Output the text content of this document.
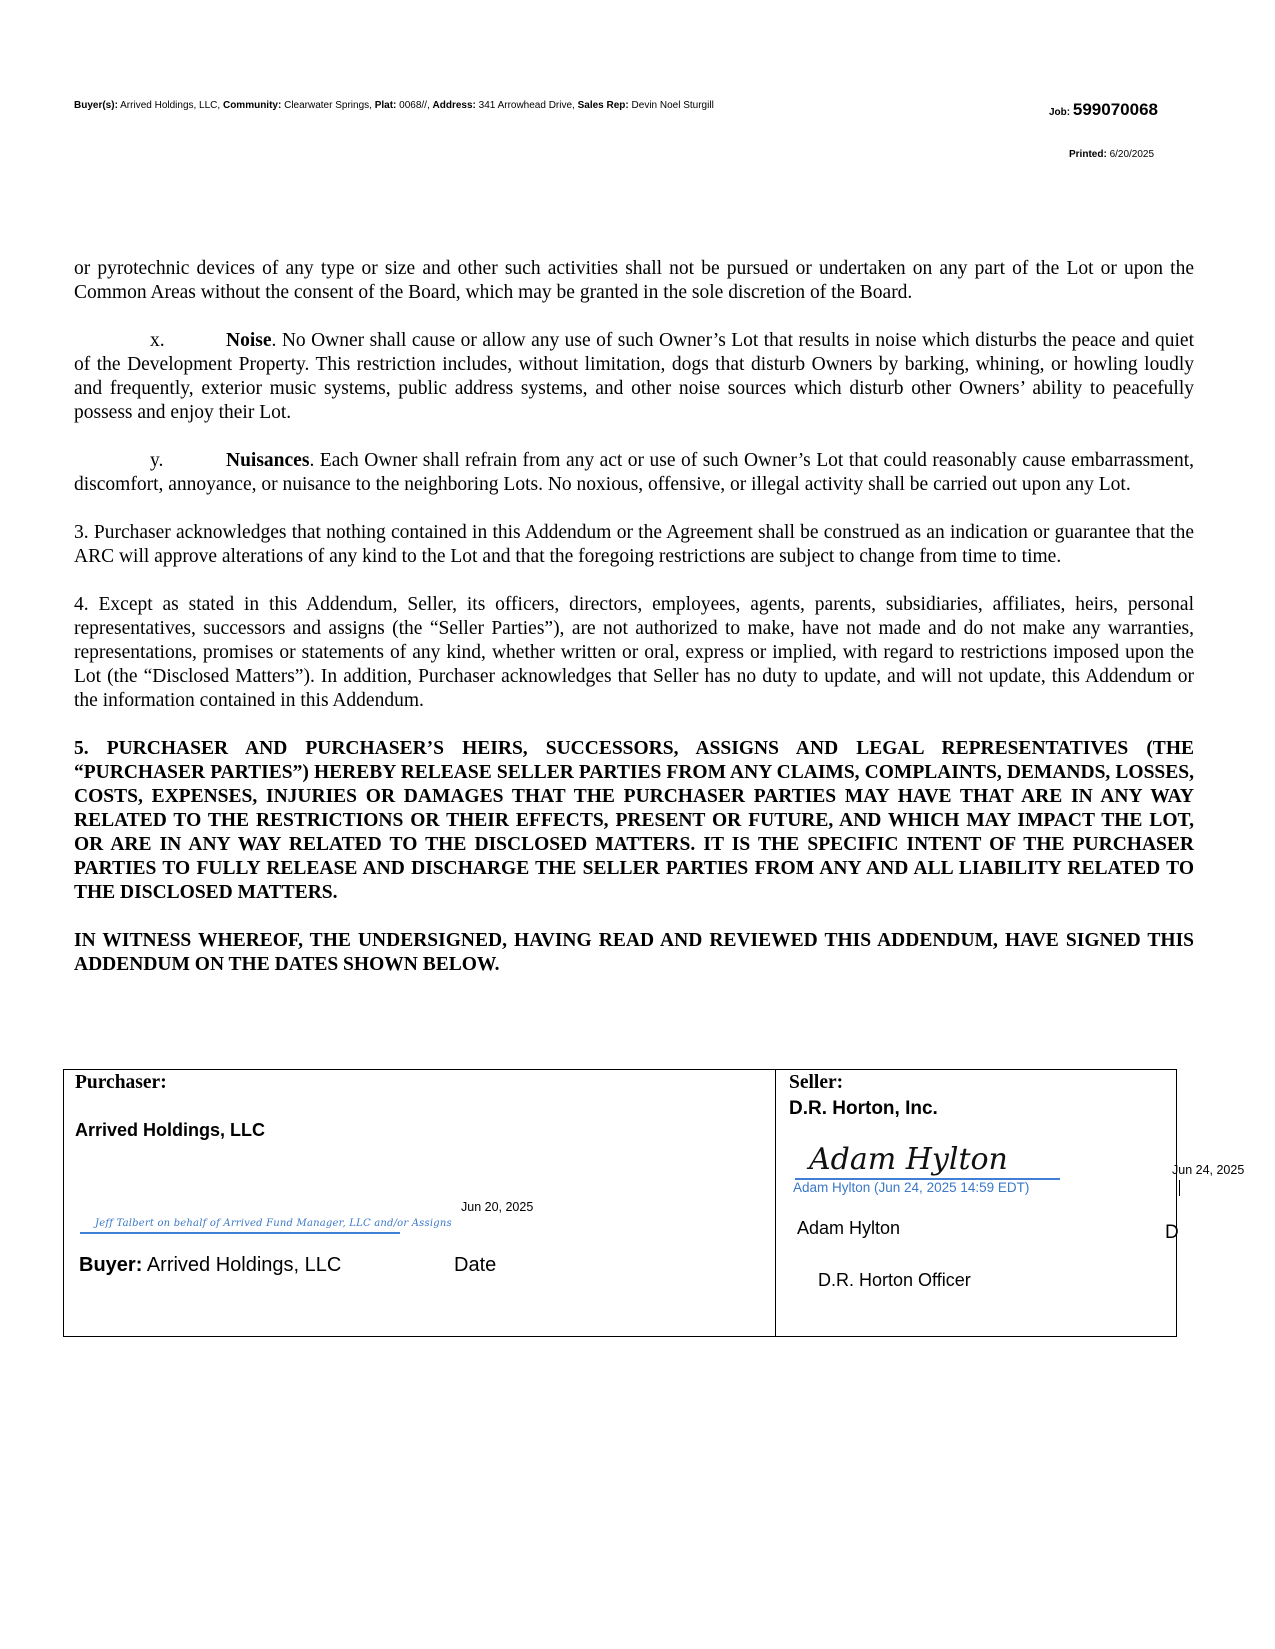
Buyer(s): Arrived Holdings, LLC, Community: Clearwater Springs, Plat: 0068//, Address: 341 Arrowhead Drive, Sales Rep: Devin Noel Sturgill
Job: 599070068
Printed: 6/20/2025

or pyrotechnic devices of any type or size and other such activities shall not be pursued or undertaken on any part of the Lot or upon the Common Areas without the consent of the Board, which may be granted in the sole discretion of the Board.

x.	Noise. No Owner shall cause or allow any use of such Owner’s Lot that results in noise which disturbs the peace and quiet of the Development Property. This restriction includes, without limitation, dogs that disturb Owners by barking, whining, or howling loudly and frequently, exterior music systems, public address systems, and other noise sources which disturb other Owners’ ability to peacefully possess and enjoy their Lot.

y.	Nuisances. Each Owner shall refrain from any act or use of such Owner’s Lot that could reasonably cause embarrassment, discomfort, annoyance, or nuisance to the neighboring Lots. No noxious, offensive, or illegal activity shall be carried out upon any Lot.

3. Purchaser acknowledges that nothing contained in this Addendum or the Agreement shall be construed as an indication or guarantee that the ARC will approve alterations of any kind to the Lot and that the foregoing restrictions are subject to change from time to time.

4. Except as stated in this Addendum, Seller, its officers, directors, employees, agents, parents, subsidiaries, affiliates, heirs, personal representatives, successors and assigns (the “Seller Parties”), are not authorized to make, have not made and do not make any warranties, representations, promises or statements of any kind, whether written or oral, express or implied, with regard to restrictions imposed upon the Lot (the “Disclosed Matters”). In addition, Purchaser acknowledges that Seller has no duty to update, and will not update, this Addendum or the information contained in this Addendum.

5. PURCHASER AND PURCHASER’S HEIRS, SUCCESSORS, ASSIGNS AND LEGAL REPRESENTATIVES (THE “PURCHASER PARTIES”) HEREBY RELEASE SELLER PARTIES FROM ANY CLAIMS, COMPLAINTS, DEMANDS, LOSSES, COSTS, EXPENSES, INJURIES OR DAMAGES THAT THE PURCHASER PARTIES MAY HAVE THAT ARE IN ANY WAY RELATED TO THE RESTRICTIONS OR THEIR EFFECTS, PRESENT OR FUTURE, AND WHICH MAY IMPACT THE LOT, OR ARE IN ANY WAY RELATED TO THE DISCLOSED MATTERS. IT IS THE SPECIFIC INTENT OF THE PURCHASER PARTIES TO FULLY RELEASE AND DISCHARGE THE SELLER PARTIES FROM ANY AND ALL LIABILITY RELATED TO THE DISCLOSED MATTERS.

IN WITNESS WHEREOF, THE UNDERSIGNED, HAVING READ AND REVIEWED THIS ADDENDUM, HAVE SIGNED THIS ADDENDUM ON THE DATES SHOWN BELOW.

Purchaser:
Arrived Holdings, LLC
Jun 20, 2025
Jeff Talbert on behalf of Arrived Fund Manager, LLC and/or Assigns
Buyer: Arrived Holdings, LLC	Date
Seller:
D.R. Horton, Inc.
Adam Hylton
Adam Hylton (Jun 24, 2025 14:59 EDT)
Jun 24, 2025
Adam Hylton	D
D.R. Horton Officer
